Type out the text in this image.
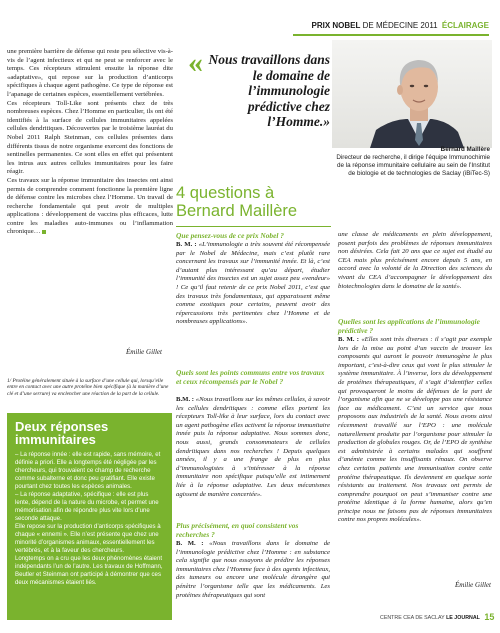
PRIX NOBEL DE MÉDECINE 2011 ÉCLAIRAGE
une première barrière de défense qui reste peu sélective vis-à-vis de l’agent infectieux et qui ne peut se renforcer avec le temps. Ces récepteurs stimulent ensuite la réponse dite «adaptative», qui repose sur la production d’anticorps spécifiques à chaque agent pathogène. Ce type de réponse est l’apanage de certaines espèces, essentiellement vertébrées.
Ces récepteurs Toll-Like sont présents chez de très nombreuses espèces. Chez l’Homme en particulier, ils ont été identifiés à la surface de cellules immunitaires appelées cellules dendritiques. Découvertes par le troisième lauréat du Nobel 2011 Ralph Steinman, ces cellules présentes dans différents tissus de notre organisme exercent des fonctions de sentinelles permanentes. Ce sont elles en effet qui présentent les intrus aux autres cellules immunitaires pour les faire réagir.
Ces travaux sur la réponse immunitaire des insectes ont ainsi permis de comprendre comment fonctionne la première ligne de défense contre les microbes chez l’Homme. Un travail de recherche fondamentale qui peut avoir de multiples applications : développement de vaccins plus efficaces, lutte contre les maladies auto-immunes ou l’inflammation chronique…
Émilie Gillet
1/ Protéine généralement située à la surface d’une cellule qui, lorsqu’elle entre en contact avec une autre protéine bien spécifique (à la manière d’une clé et d’une serrure) va enclencher une réaction de la part de la cellule.
Deux réponses immunitaires
– La réponse innée : elle est rapide, sans mémoire, et définie a priori. Elle a longtemps été négligée par les chercheurs, qui trouvaient ce champ de recherche comme subalterne et donc peu gratifiant. Elle existe pourtant chez toutes les espèces animales.
– La réponse adaptative, spécifique : elle est plus lente, dépend de la nature du microbe, et permet une mémorisation afin de répondre plus vite lors d’une seconde attaque.
Elle repose sur la production d’anticorps spécifiques à chaque « ennemi ». Elle n’est présente que chez une minorité d’organismes animaux, essentiellement les vertébrés, et à la faveur des chercheurs.
Longtemps on a cru que les deux phénomènes étaient indépendants l’un de l’autre. Les travaux de Hoffmann, Beutler et Steinman ont participé à démontrer que ces deux mécanismes étaient liés.
« Nous travaillons dans le domaine de l’immunologie prédictive chez l’Homme.»
Bernard Maillère
Directeur de recherche, il dirige l’équipe Immunochimie de la réponse immunitaire cellulaire au sein de l’Institut de biologie et de technologies de Saclay (iBiTec-S)
4 questions à Bernard Maillère
Que pensez-vous de ce prix Nobel ?
B. M. : «L’immunologie a très souvent été récompensée par le Nobel de Médecine, mais c’est plutôt rare concernant les travaux sur l’immunité innée. Et là, c’est d’autant plus intéressant qu’au départ, étudier l’immunité des insectes est un sujet assez peu «vendeur» ! Ce qu’il faut retenir de ce prix Nobel 2011, c’est que des travaux très fondamentaux, qui apparaissent même comme exotiques pour certains, peuvent avoir des répercussions très pertinentes chez l’Homme et de nombreuses applications».
Quels sont les points communs entre vos travaux et ceux récompensés par le Nobel ?
B.M. : «Nous travaillons sur les mêmes cellules, à savoir les cellules dendritiques : comme elles portent les récepteurs Toll-like à leur surface, lors du contact avec un agent pathogène elles activent la réponse immunitaire innée puis la réponse adaptative. Nous sommes donc, nous aussi, grands consommateurs de cellules dendritiques dans nos recherches ! Depuis quelques années, il y a une frange de plus en plus d’immunologistes à s’intéresser à la réponse immunitaire non spécifique puisqu’elle est intimement liée à la réponse adaptative. Les deux mécanismes agissent de manière concertée».
Plus précisément, en quoi consistent vos recherches ?
B. M. : «Nous travaillons dans le domaine de l’immunologie prédictive chez l’Homme : en substance cela signifie que nous essayons de prédire les réponses immunitaires chez l’Homme face à des agents infectieux, des tumeurs ou encore une molécule étrangère qui pénètre l’organisme telle que les médicaments. Les protéines thérapeutiques qui sont
une classe de médicaments en plein développement, posent parfois des problèmes de réponses immunitaires non désirées. Cela fait 20 ans que ce sujet est étudié au CEA mais plus précisément encore depuis 5 ans, en accord avec la volonté de la Direction des sciences du vivant du CEA d’accompagner le développement des biotechnologies dans le domaine de la santé».
Quelles sont les applications de l’immunologie prédictive ?
B. M. : «Elles sont très diverses : il s’agit par exemple lors de la mise au point d’un vaccin de trouver les composants qui auront le pouvoir immunogène le plus important, c’est-à-dire ceux qui vont le plus stimuler le système immunitaire. À l’inverse, lors du développement de protéines thérapeutiques, il s’agit d’identifier celles qui provoqueront le moins de défenses de la part de l’organisme afin que ne se développe pas une résistance face au médicament. C’est un service que nous proposons aux industriels de la santé. Nous avons ainsi récemment travaillé sur l’EPO : une molécule naturellement produite par l’organisme pour stimuler la production de globules rouges. Or, de l’EPO de synthèse est administrée à certains malades qui souffrent d’anémie comme les insuffisants rénaux. On observe chez certains patients une immunisation contre cette protéine thérapeutique. Ils deviennent en quelque sorte résistants au traitement. Nos travaux ont permis de comprendre pourquoi on peut s’immuniser contre une protéine identique à la forme humaine, alors qu’en principe nous ne faisons pas de réponses immunitaires contre nos propres molécules».
Émilie Gillet
CENTRE CEA DE SACLAY LE JOURNAL 15
